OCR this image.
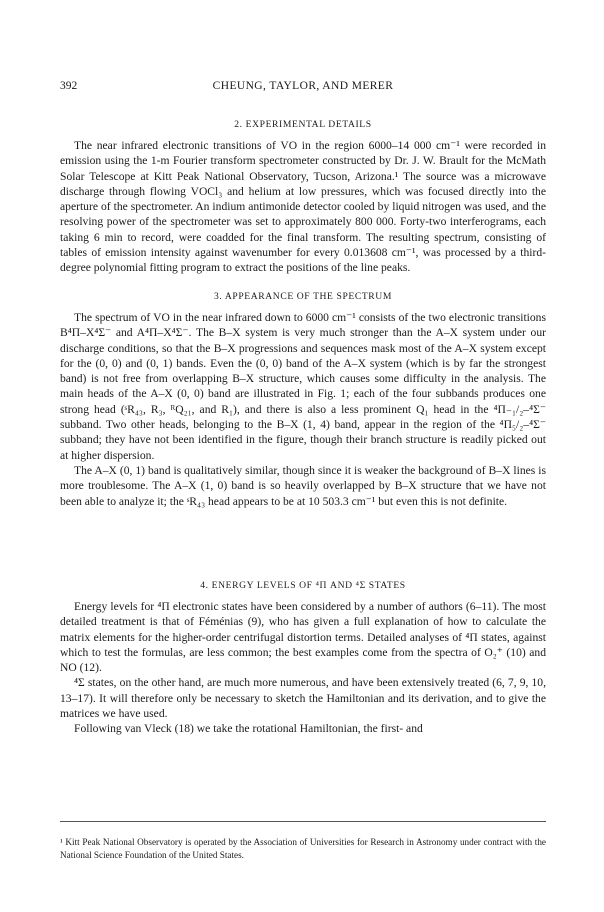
392	CHEUNG, TAYLOR, AND MERER
2. EXPERIMENTAL DETAILS

The near infrared electronic transitions of VO in the region 6000–14 000 cm⁻¹ were recorded in emission using the 1-m Fourier transform spectrometer constructed by Dr. J. W. Brault for the McMath Solar Telescope at Kitt Peak National Observatory, Tucson, Arizona.¹ The source was a microwave discharge through flowing VOCl₃ and helium at low pressures, which was focused directly into the aperture of the spectrometer. An indium antimonide detector cooled by liquid nitrogen was used, and the resolving power of the spectrometer was set to approximately 800 000. Forty-two interferograms, each taking 6 min to record, were coadded for the final transform. The resulting spectrum, consisting of tables of emission intensity against wavenumber for every 0.013608 cm⁻¹, was processed by a third-degree polynomial fitting program to extract the positions of the line peaks.

3. APPEARANCE OF THE SPECTRUM

The spectrum of VO in the near infrared down to 6000 cm⁻¹ consists of the two electronic transitions B⁴Π–X⁴Σ⁻ and A⁴Π–X⁴Σ⁻. The B–X system is very much stronger than the A–X system under our discharge conditions, so that the B–X progressions and sequences mask most of the A–X system except for the (0, 0) and (0, 1) bands. Even the (0, 0) band of the A–X system (which is by far the strongest band) is not free from overlapping B–X structure, which causes some difficulty in the analysis. The main heads of the A–X (0, 0) band are illustrated in Fig. 1; each of the four subbands produces one strong head (ˢR₄₃, R₃, ᴿQ₂₁, and R₁), and there is also a less prominent Q₁ head in the ⁴Π₋₁/₂–⁴Σ⁻ subband. Two other heads, belonging to the B–X (1, 4) band, appear in the region of the ⁴Π₅/₂–⁴Σ⁻ subband; they have not been identified in the figure, though their branch structure is readily picked out at higher dispersion.

The A–X (0, 1) band is qualitatively similar, though since it is weaker the background of B–X lines is more troublesome. The A–X (1, 0) band is so heavily overlapped by B–X structure that we have not been able to analyze it; the ˢR₄₃ head appears to be at 10 503.3 cm⁻¹ but even this is not definite.

4. ENERGY LEVELS OF ⁴Π AND ⁴Σ STATES

Energy levels for ⁴Π electronic states have been considered by a number of authors (6–11). The most detailed treatment is that of Féménias (9), who has given a full explanation of how to calculate the matrix elements for the higher-order centrifugal distortion terms. Detailed analyses of ⁴Π states, against which to test the formulas, are less common; the best examples come from the spectra of O₂⁺ (10) and NO (12).

⁴Σ states, on the other hand, are much more numerous, and have been extensively treated (6, 7, 9, 10, 13–17). It will therefore only be necessary to sketch the Hamiltonian and its derivation, and to give the matrices we have used.

Following van Vleck (18) we take the rotational Hamiltonian, the first- and

¹ Kitt Peak National Observatory is operated by the Association of Universities for Research in Astronomy under contract with the National Science Foundation of the United States.
